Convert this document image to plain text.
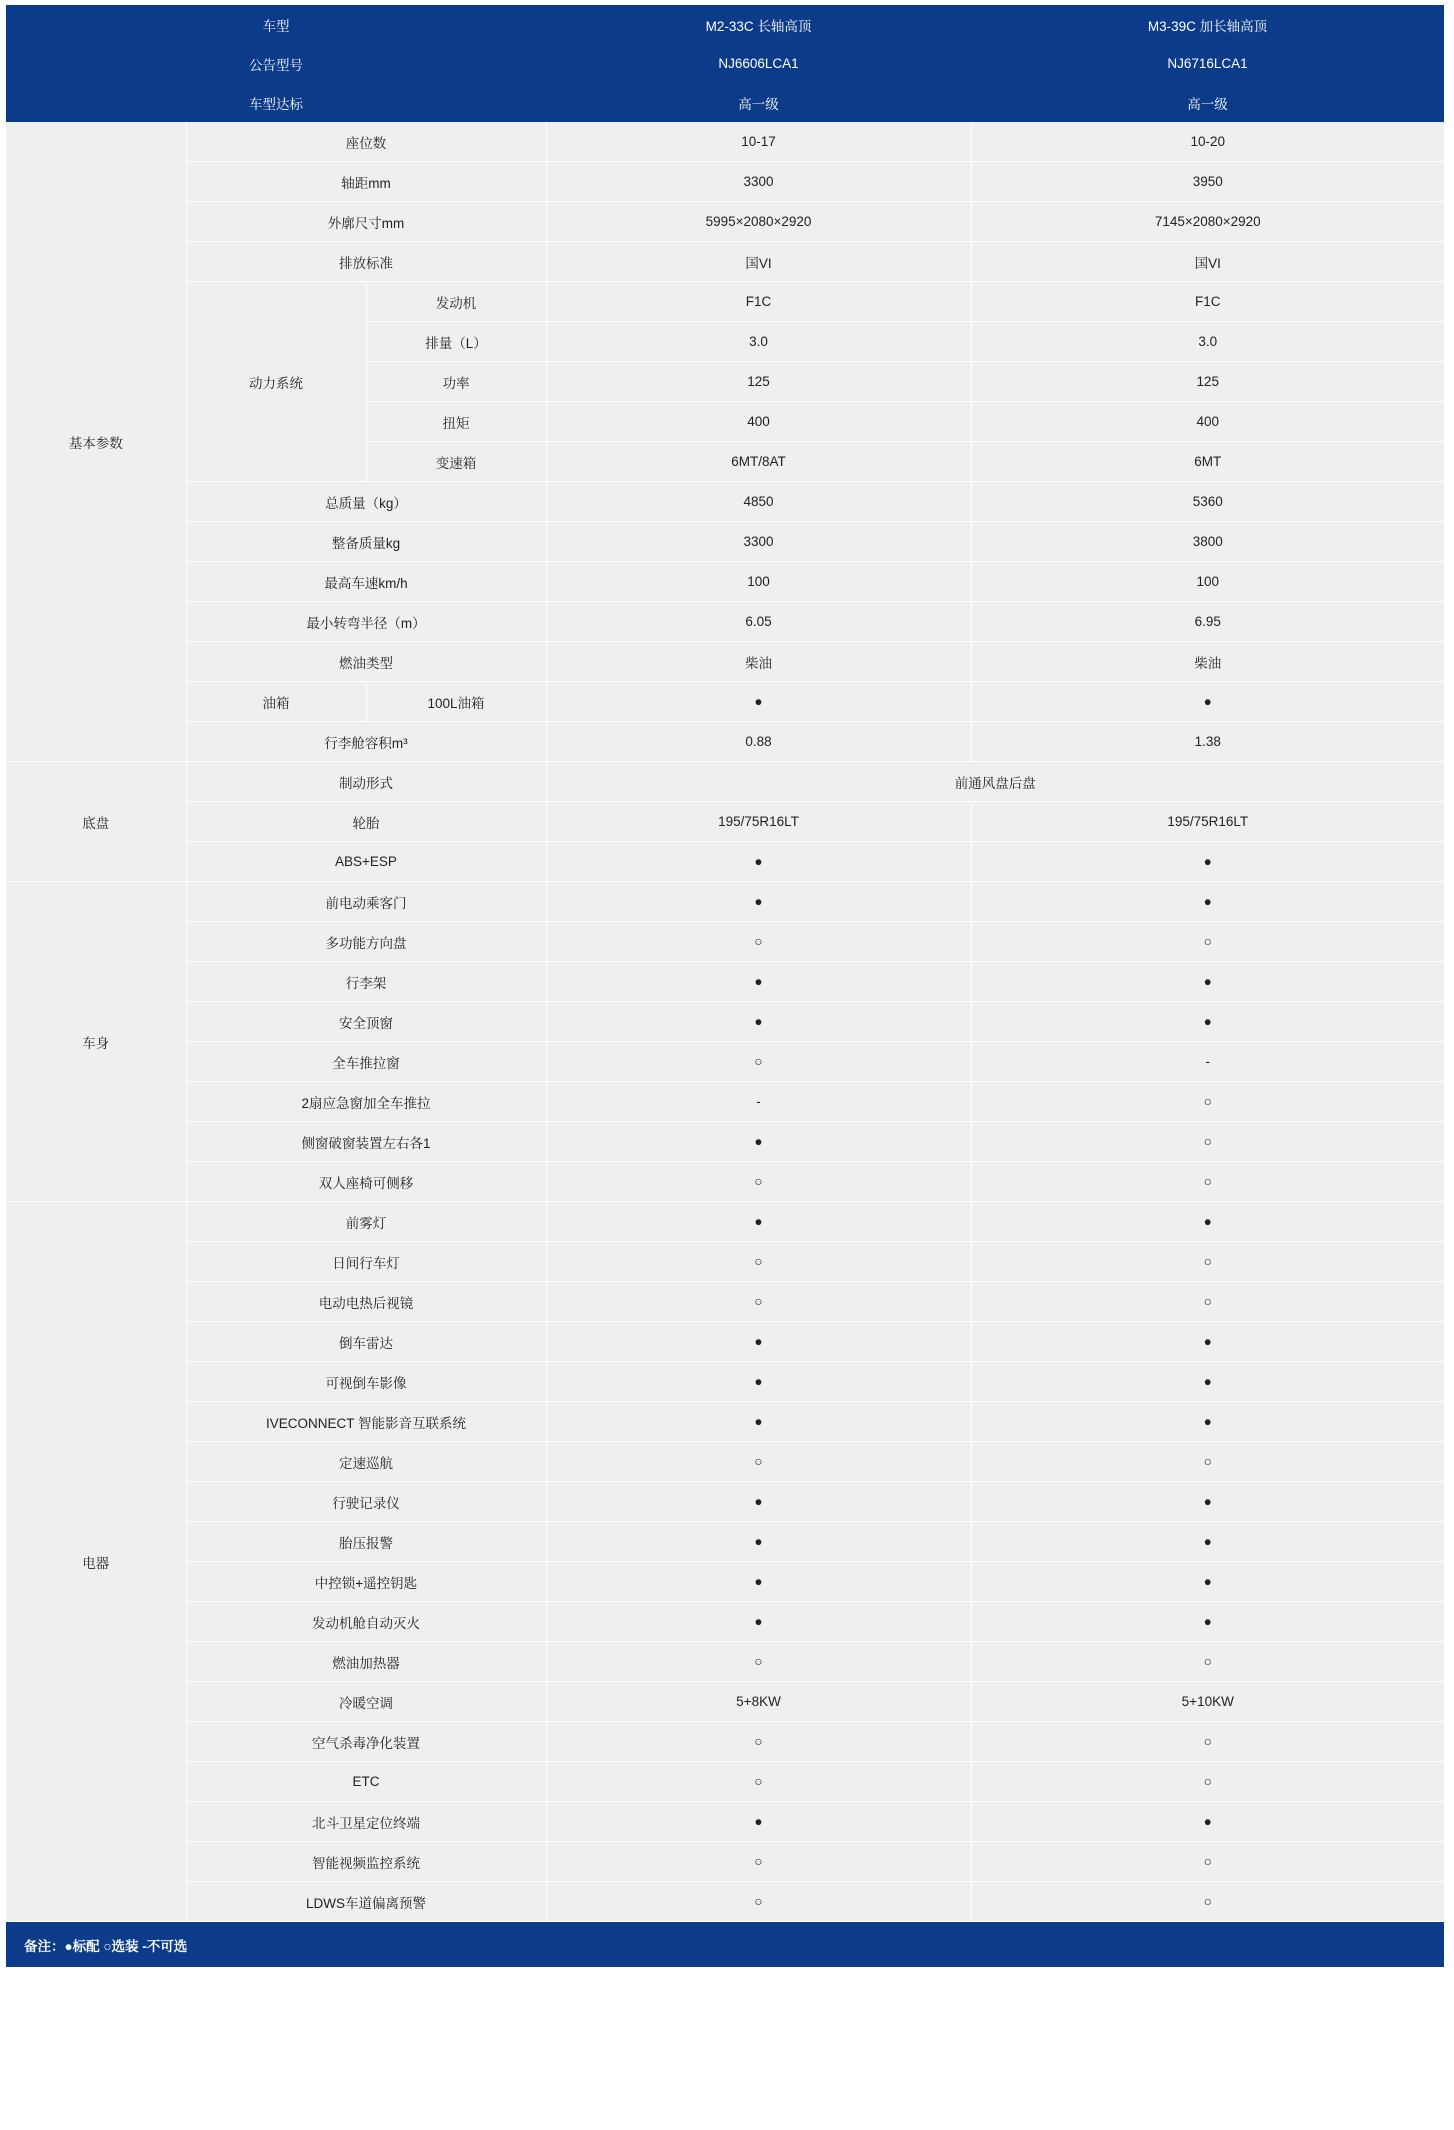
车型			M2-33C 长轴高顶	M3-39C 加长轴高顶
公告型号			NJ6606LCA1	NJ6716LCA1
车型达标			高一级	高一级
基本参数	座位数		10-17	10-20
	轴距mm		3300	3950
	外廓尺寸mm		5995×2080×2920	7145×2080×2920
	排放标准		国VI	国VI
	动力系统	发动机	F1C	F1C
		排量（L）	3.0	3.0
		功率	125	125
		扭矩	400	400
		变速箱	6MT/8AT	6MT
	总质量（kg）		4850	5360
	整备质量kg		3300	3800
	最高车速km/h		100	100
	最小转弯半径（m）		6.05	6.95
	燃油类型		柴油	柴油
	油箱	100L油箱	●	●
	行李舱容积m³		0.88	1.38
底盘	制动形式		前通风盘后盘	
	轮胎		195/75R16LT	195/75R16LT
	ABS+ESP		●	●
车身	前电动乘客门		●	●
	多功能方向盘		○	○
	行李架		●	●
	安全顶窗		●	●
	全车推拉窗		○	-
	2扇应急窗加全车推拉		-	○
	侧窗破窗装置左右各1		●	○
	双人座椅可侧移		○	○
电器	前雾灯		●	●
	日间行车灯		○	○
	电动电热后视镜		○	○
	倒车雷达		●	●
	可视倒车影像		●	●
	IVECONNECT 智能影音互联系统		●	●
	定速巡航		○	○
	行驶记录仪		●	●
	胎压报警		●	●
	中控锁+遥控钥匙		●	●
	发动机舱自动灭火		●	●
	燃油加热器		○	○
	冷暖空调		5+8KW	5+10KW
	空气杀毒净化装置		○	○
	ETC		○	○
	北斗卫星定位终端		●	●
	智能视频监控系统		○	○
	LDWS车道偏离预警		○	○
备注：●标配 ○选装 -不可选				
